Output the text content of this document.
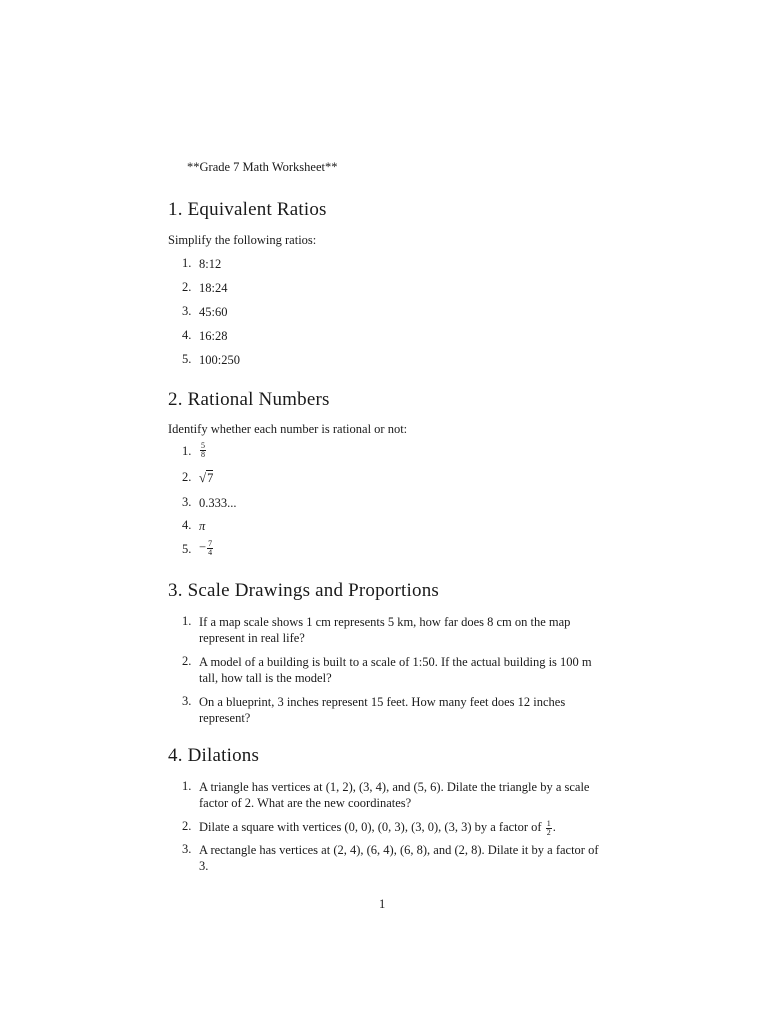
**Grade 7 Math Worksheet**
1. Equivalent Ratios
Simplify the following ratios:
1. 8:12
2. 18:24
3. 45:60
4. 16:28
5. 100:250
2. Rational Numbers
Identify whether each number is rational or not:
1.	$\frac{5}{8}$
2. √7
3. 0.333...
4. π
5. − $\frac{7}{4}$
3. Scale Drawings and Proportions
1. If a map scale shows 1 cm represents 5 km, how far does 8 cm on the map represent in real life?
2. A model of a building is built to a scale of 1:50. If the actual building is 100 m tall, how tall is the model?
3. On a blueprint, 3 inches represent 15 feet. How many feet does 12 inches represent?
4. Dilations
1. A triangle has vertices at (1, 2), (3, 4), and (5, 6). Dilate the triangle by a scale factor of 2. What are the new coordinates?
2. Dilate a square with vertices (0, 0), (0, 3), (3, 0), (3, 3) by a factor of $\frac{1}{2}$ .
3. A rectangle has vertices at (2, 4), (6, 4), (6, 8), and (2, 8). Dilate it by a factor of 3.
1
